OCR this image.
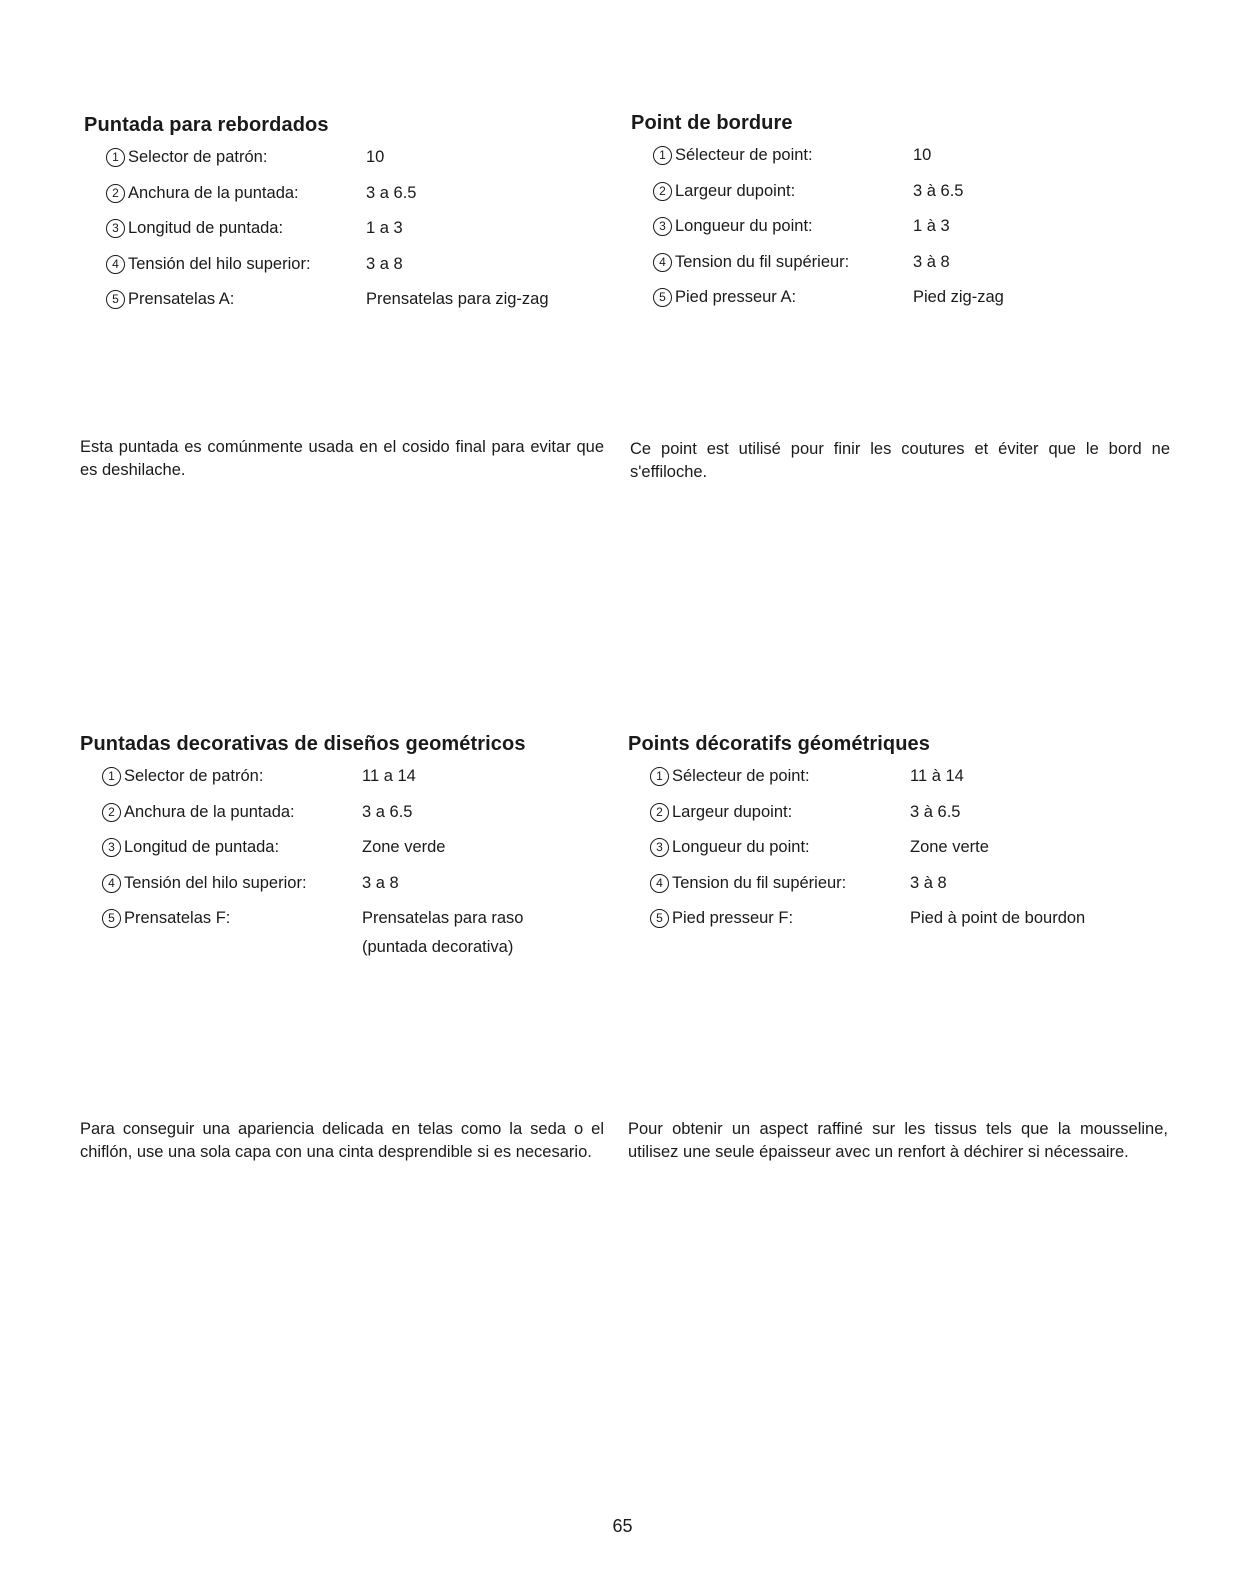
Puntada para rebordados
1 Selector de patrón:	10
2 Anchura de la puntada:	3 a 6.5
3 Longitud de puntada:	1 a 3
4 Tensión del hilo superior:	3 a 8
5 Prensatelas A:	Prensatelas para zig-zag
Esta puntada es comúnmente usada en el cosido final para evitar que es deshilache.
Point de bordure
1 Sélecteur de point:	10
2 Largeur dupoint:	3 à 6.5
3 Longueur du point:	1 à 3
4 Tension du fil supérieur:	3 à 8
5 Pied presseur A:	Pied zig-zag
Ce point est utilisé pour finir les coutures et éviter que le bord ne s'effiloche.
Puntadas decorativas de diseños geométricos
1 Selector de patrón:	11 a 14
2 Anchura de la puntada:	3 a 6.5
3 Longitud de puntada:	Zone verde
4 Tensión del hilo superior:	3 a 8
5 Prensatelas F:	Prensatelas para raso
(puntada decorativa)
Para conseguir una apariencia delicada en telas como la seda o el chiflón, use una sola capa con una cinta desprendible si es necesario.
Points décoratifs géométriques
1 Sélecteur de point:	11 à 14
2 Largeur dupoint:	3 à 6.5
3 Longueur du point:	Zone verte
4 Tension du fil supérieur:	3 à 8
5 Pied presseur F:	Pied à point de bourdon
Pour obtenir un aspect raffiné sur les tissus tels que la mousseline, utilisez une seule épaisseur avec un renfort à déchirer si nécessaire.
65
